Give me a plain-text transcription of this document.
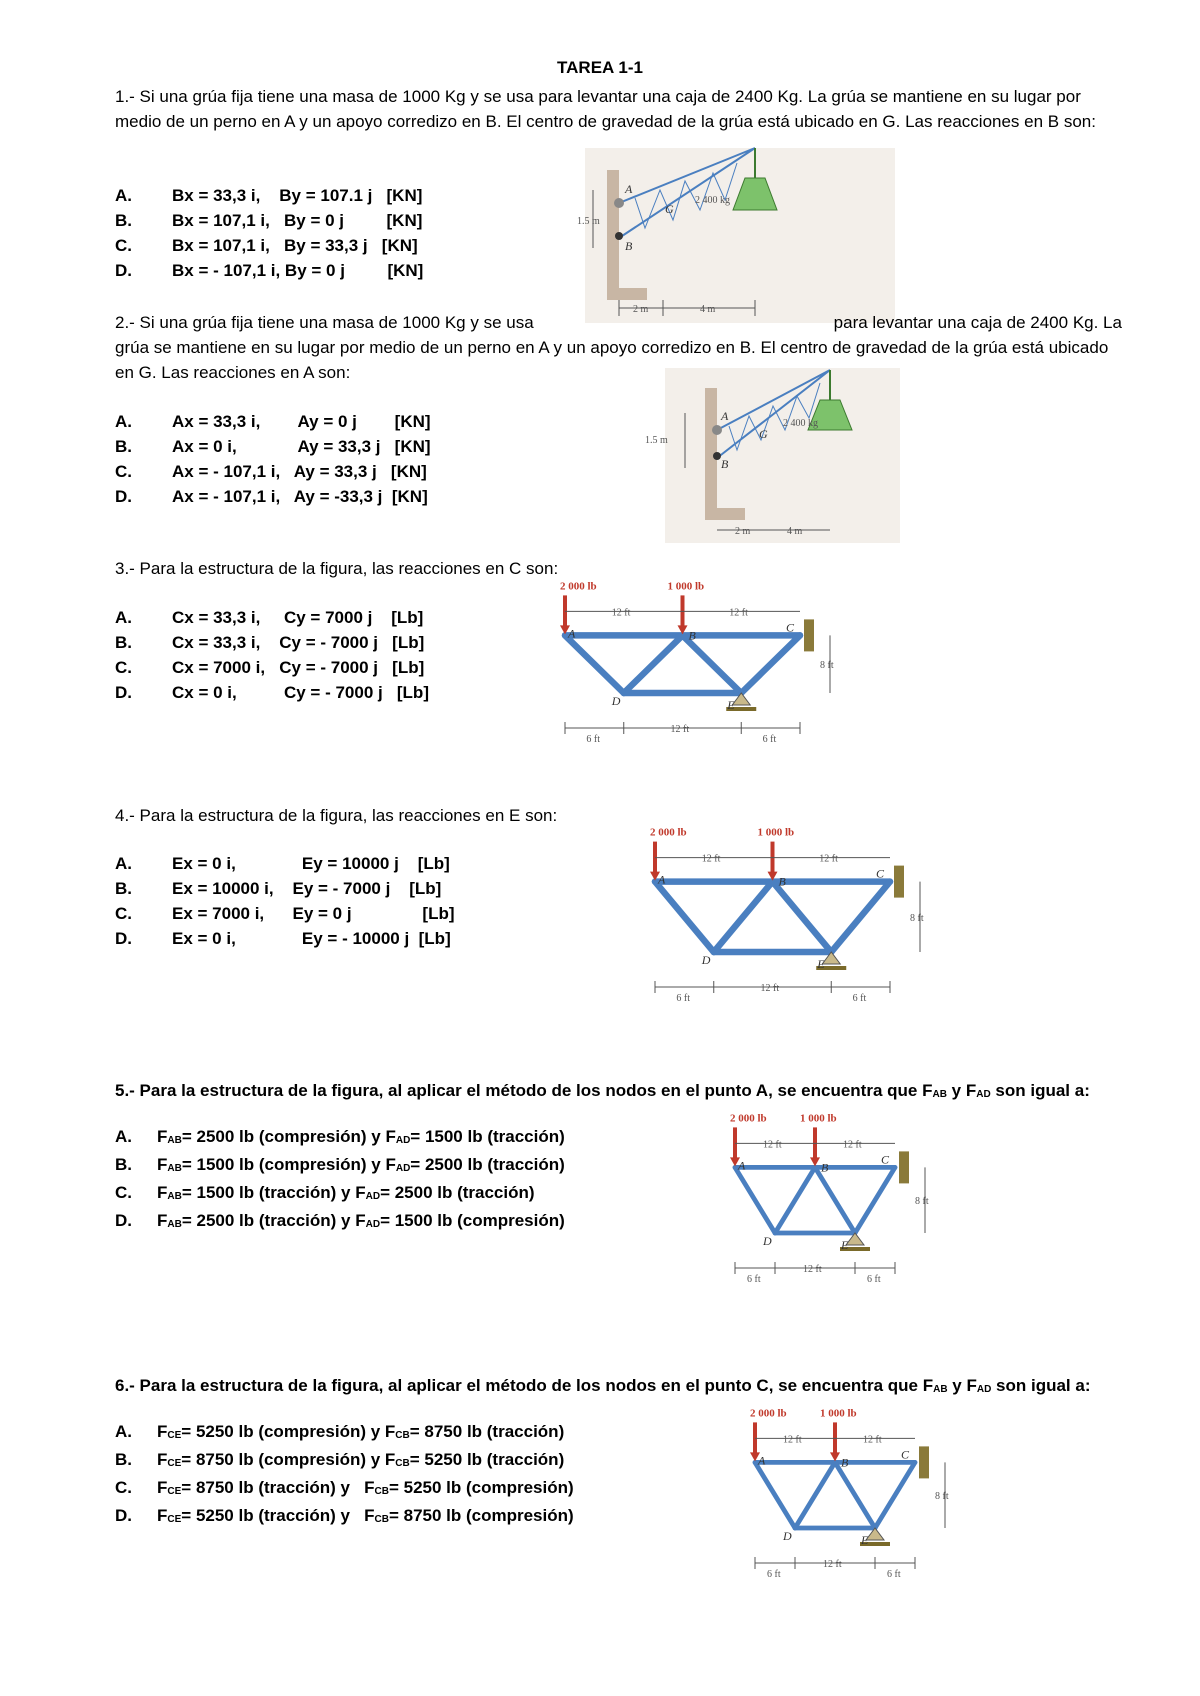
TAREA 1-1
1.- Si una grúa fija tiene una masa de 1000 Kg y se usa para levantar una caja de 2400 Kg. La grúa se mantiene en su lugar por medio de un perno en A y un apoyo corredizo en B. El centro de gravedad de la grúa está ubicado en G. Las reacciones en B son:
A.	Bx = 33,3 i,    By = 107.1 j   [KN]
B.	Bx = 107,1 i,   By = 0 j         [KN]
C.	Bx = 107,1 i,   By = 33,3 j   [KN]
D.	Bx = - 107,1 i, By = 0 j         [KN]
1.5 m
A
B
G
2 400 kg
2 m	4 m
2.- Si una grúa fija tiene una masa de 1000 Kg y se usa	para levantar una caja de 2400 Kg. La grúa se mantiene en su lugar por medio de un perno en A y un apoyo corredizo en B. El centro de gravedad de la grúa está ubicado en G. Las reacciones en A son:
A.	Ax = 33,3 i,        Ay = 0 j        [KN]
B.	Ax = 0 i,             Ay = 33,3 j   [KN]
C.	Ax = - 107,1 i,   Ay = 33,3 j   [KN]
D.	Ax = - 107,1 i,   Ay = -33,3 j  [KN]
A
B
G
2 400 kg
1.5 m
2 m	4 m
3.- Para la estructura de la figura, las reacciones en C son:
A.	Cx = 33,3 i,     Cy = 7000 j    [Lb]
B.	Cx = 33,3 i,    Cy = - 7000 j   [Lb]
C.	Cx = 7000 i,   Cy = - 7000 j   [Lb]
D.	Cx = 0 i,          Cy = - 7000 j   [Lb]
2 000 lb	1 000 lb
12 ft	12 ft
8 ft
6 ft
12 ft
6 ft
A	B
C
D	E
4.- Para la estructura de la figura, las reacciones en E son:
A.	Ex = 0 i,              Ey = 10000 j    [Lb]
B.	Ex = 10000 i,    Ey = - 7000 j    [Lb]
C.	Ex = 7000 i,      Ey = 0 j               [Lb]
D.	Ex = 0 i,              Ey = - 10000 j  [Lb]
2 000 lb	1 000 lb
12 ft	12 ft
8 ft
6 ft
12 ft
6 ft
A	B
C
D	E
5.- Para la estructura de la figura, al aplicar el método de los nodos en el punto A, se encuentra que $F_{AB}$ y $F_{AD}$ son igual a:
A.	$F_{AB}= 2500$ lb (compresión) y $F_{AD}= 1500$ lb (tracción)
B.	$F_{AB}= 1500$ lb (compresión) y $F_{AD}= 2500$ lb (tracción)
C.	$F_{AB}= 1500$ lb (tracción) y $F_{AD}= 2500$ lb (tracción)
D.	$F_{AB}= 2500$ lb (tracción) y $F_{AD}= 1500$ lb (compresión)
2 000 lb	1 000 lb
12 ft	12 ft
8 ft
6 ft
12 ft
6 ft
A	B
C
D	E
6.- Para la estructura de la figura, al aplicar el método de los nodos en el punto C, se encuentra que $F_{AB}$ y $F_{AD}$ son igual a:
A.	$F_{CE}= 5250$ lb (compresión) y $F_{CB}= 8750$ lb (tracción)
B.	$F_{CE}= 8750$ lb (compresión) y $F_{CB}= 5250$ lb (tracción)
C.	$F_{CE}= 8750$ lb (tracción) y   $F_{CB}= 5250$ lb (compresión)
D.	$F_{CE}= 5250$ lb (tracción) y   $F_{CB}= 8750$ lb (compresión)
2 000 lb	1 000 lb
12 ft	12 ft
8 ft
6 ft
12 ft
6 ft
A	B
C
D	E
